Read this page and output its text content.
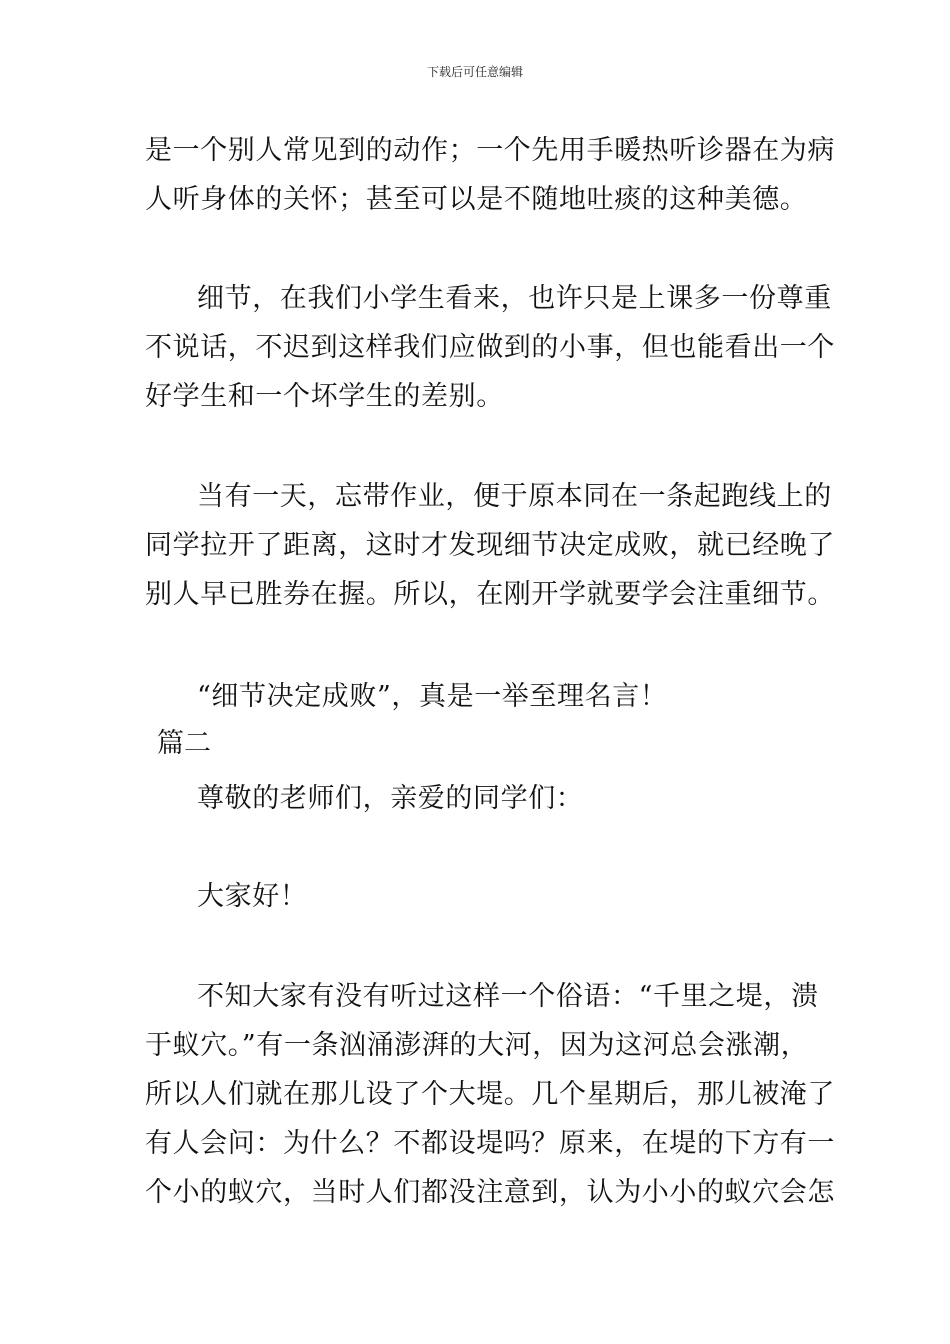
下载后可任意编辑
是一个别人常见到的动作；一个先用手暖热听诊器在为病
人听身体的关怀；甚至可以是不随地吐痰的这种美德。
细节，在我们小学生看来，也许只是上课多一份尊重
不说话，不迟到这样我们应做到的小事，但也能看出一个
好学生和一个坏学生的差别。
当有一天，忘带作业，便于原本同在一条起跑线上的
同学拉开了距离，这时才发现细节决定成败，就已经晚了
别人早已胜券在握。所以，在刚开学就要学会注重细节。
“细节决定成败”，真是一举至理名言！
篇二
尊敬的老师们，亲爱的同学们：
大家好！
不知大家有没有听过这样一个俗语：“千里之堤，溃
于蚁穴。”有一条汹涌澎湃的大河，因为这河总会涨潮，
所以人们就在那儿设了个大堤。几个星期后，那儿被淹了
有人会问：为什么？不都设堤吗？原来，在堤的下方有一
个小的蚁穴，当时人们都没注意到，认为小小的蚁穴会怎
